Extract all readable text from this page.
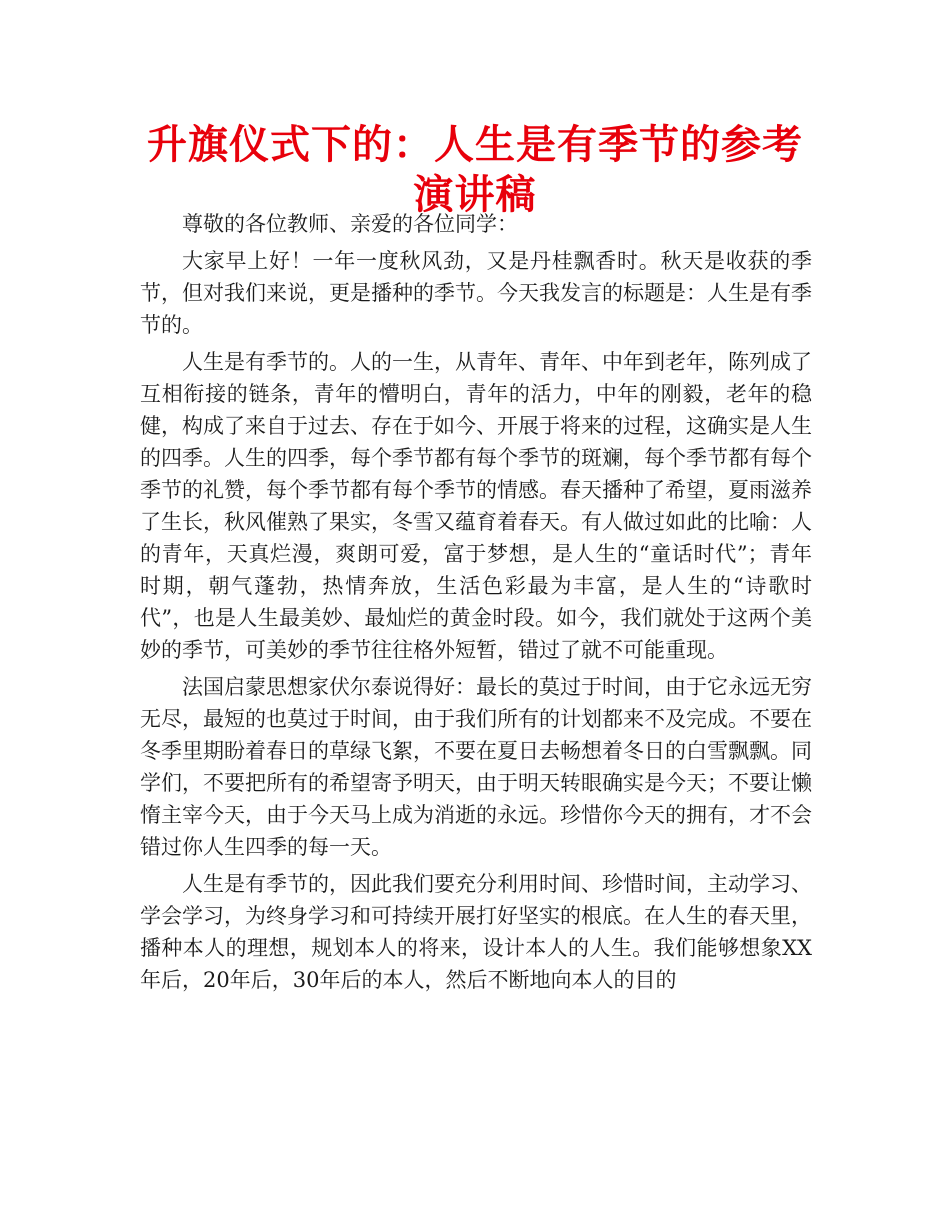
升旗仪式下的：人生是有季节的参考演讲稿

尊敬的各位教师、亲爱的各位同学：

大家早上好！一年一度秋风劲，又是丹桂飘香时。秋天是收获的季节，但对我们来说，更是播种的季节。今天我发言的标题是：人生是有季节的。

人生是有季节的。人的一生，从青年、青年、中年到老年，陈列成了互相衔接的链条，青年的懵明白，青年的活力，中年的刚毅，老年的稳健，构成了来自于过去、存在于如今、开展于将来的过程，这确实是人生的四季。人生的四季，每个季节都有每个季节的斑斓，每个季节都有每个季节的礼赞，每个季节都有每个季节的情感。春天播种了希望，夏雨滋养了生长，秋风催熟了果实，冬雪又蕴育着春天。有人做过如此的比喻：人的青年，天真烂漫，爽朗可爱，富于梦想，是人生的“童话时代”；青年时期，朝气蓬勃，热情奔放，生活色彩最为丰富，是人生的“诗歌时代”，也是人生最美妙、最灿烂的黄金时段。如今，我们就处于这两个美妙的季节，可美妙的季节往往格外短暂，错过了就不可能重现。

法国启蒙思想家伏尔泰说得好：最长的莫过于时间，由于它永远无穷无尽，最短的也莫过于时间，由于我们所有的计划都来不及完成。不要在冬季里期盼着春日的草绿飞絮，不要在夏日去畅想着冬日的白雪飘飘。同学们，不要把所有的希望寄予明天，由于明天转眼确实是今天；不要让懒惰主宰今天，由于今天马上成为消逝的永远。珍惜你今天的拥有，才不会错过你人生四季的每一天。

人生是有季节的，因此我们要充分利用时间、珍惜时间，主动学习、学会学习，为终身学习和可持续开展打好坚实的根底。在人生的春天里，播种本人的理想，规划本人的将来，设计本人的人生。我们能够想象XX年后，20年后，30年后的本人，然后不断地向本人的目的
